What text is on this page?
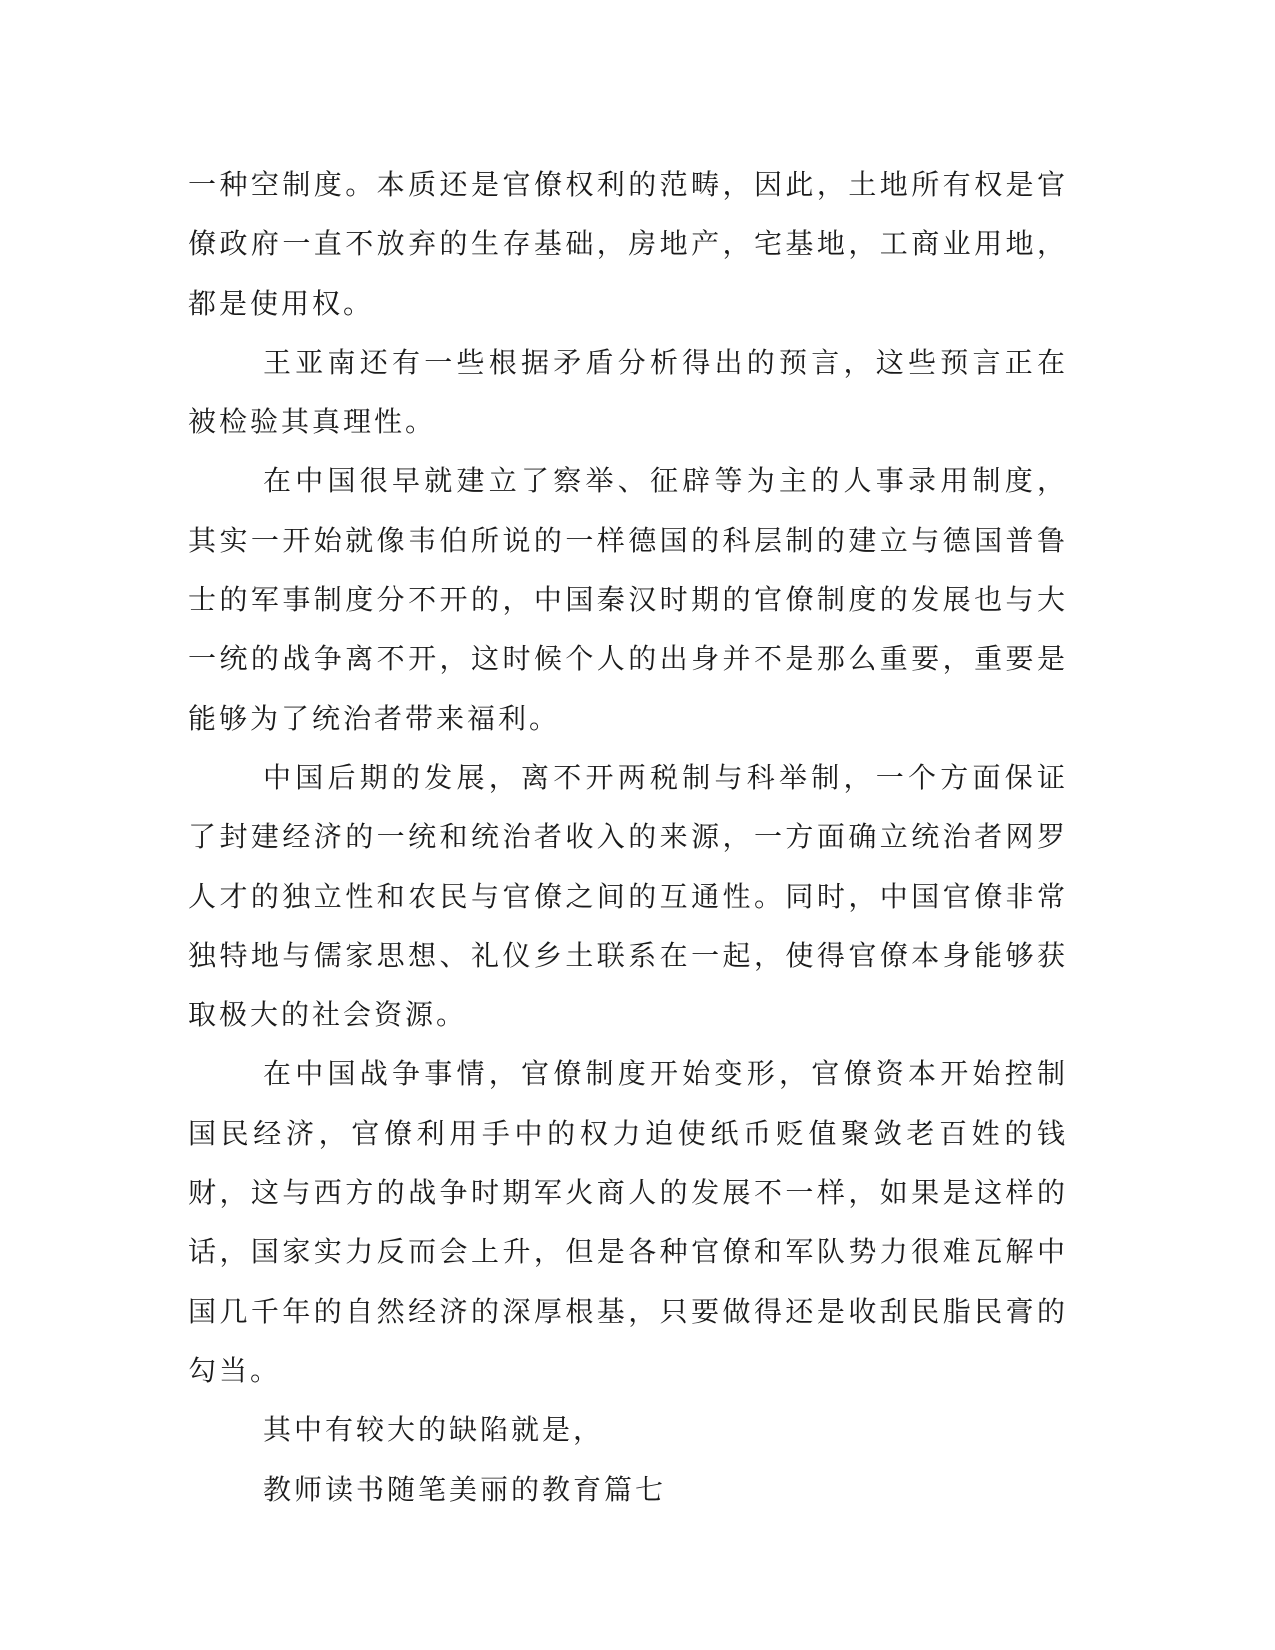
一种空制度。本质还是官僚权利的范畴，因此，土地所有权是官僚政府一直不放弃的生存基础，房地产，宅基地，工商业用地，都是使用权。

王亚南还有一些根据矛盾分析得出的预言，这些预言正在被检验其真理性。

在中国很早就建立了察举、征辟等为主的人事录用制度，其实一开始就像韦伯所说的一样德国的科层制的建立与德国普鲁士的军事制度分不开的，中国秦汉时期的官僚制度的发展也与大一统的战争离不开，这时候个人的出身并不是那么重要，重要是能够为了统治者带来福利。

中国后期的发展，离不开两税制与科举制，一个方面保证了封建经济的一统和统治者收入的来源，一方面确立统治者网罗人才的独立性和农民与官僚之间的互通性。同时，中国官僚非常独特地与儒家思想、礼仪乡土联系在一起，使得官僚本身能够获取极大的社会资源。

在中国战争事情，官僚制度开始变形，官僚资本开始控制国民经济，官僚利用手中的权力迫使纸币贬值聚敛老百姓的钱财，这与西方的战争时期军火商人的发展不一样，如果是这样的话，国家实力反而会上升，但是各种官僚和军队势力很难瓦解中国几千年的自然经济的深厚根基，只要做得还是收刮民脂民膏的勾当。

其中有较大的缺陷就是，

教师读书随笔美丽的教育篇七
